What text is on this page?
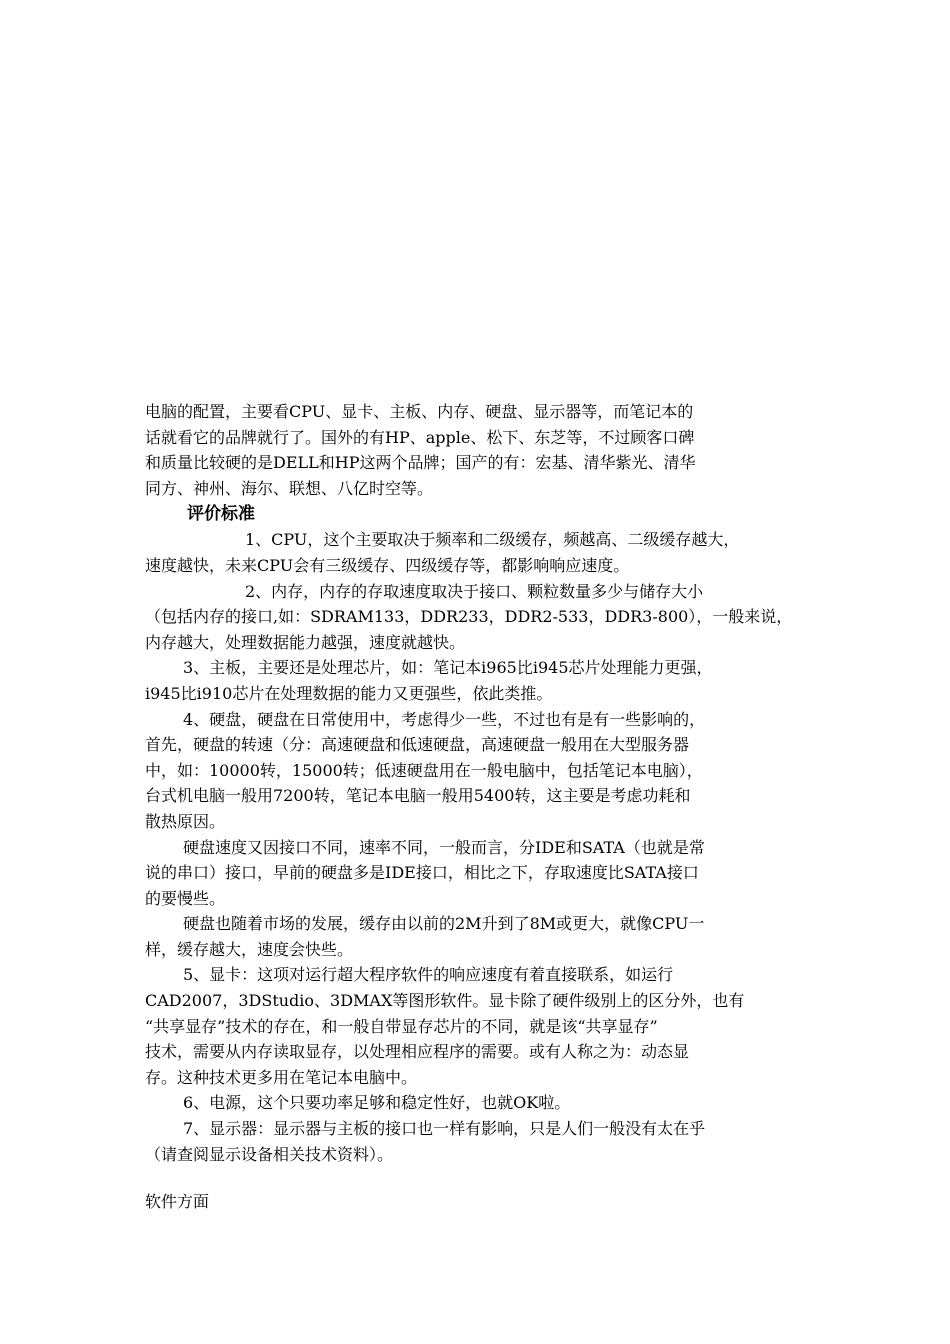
电脑的配置，主要看CPU、显卡、主板、内存、硬盘、显示器等，而笔记本的

话就看它的品牌就行了。国外的有HP、apple、松下、东芝等，不过顾客口碑

和质量比较硬的是DELL和HP这两个品牌；国产的有：宏基、清华紫光、清华

同方、神州、海尔、联想、八亿时空等。

评价标准

1、CPU，这个主要取决于频率和二级缓存，频越高、二级缓存越大，

速度越快，未来CPU会有三级缓存、四级缓存等，都影响响应速度。

2、内存，内存的存取速度取决于接口、颗粒数量多少与储存大小

（包括内存的接口,如：SDRAM133，DDR233，DDR2-533，DDR3-800），一般来说，

内存越大，处理数据能力越强，速度就越快。

3、主板，主要还是处理芯片，如：笔记本i965比i945芯片处理能力更强，

i945比i910芯片在处理数据的能力又更强些，依此类推。

4、硬盘，硬盘在日常使用中，考虑得少一些，不过也有是有一些影响的，

首先，硬盘的转速（分：高速硬盘和低速硬盘，高速硬盘一般用在大型服务器

中，如：10000转，15000转；低速硬盘用在一般电脑中，包括笔记本电脑），

台式机电脑一般用7200转，笔记本电脑一般用5400转，这主要是考虑功耗和

散热原因。

硬盘速度又因接口不同，速率不同，一般而言，分IDE和SATA（也就是常

说的串口）接口，早前的硬盘多是IDE接口，相比之下，存取速度比SATA接口

的要慢些。

硬盘也随着市场的发展，缓存由以前的2M升到了8M或更大，就像CPU一

样，缓存越大，速度会快些。

5、显卡：这项对运行超大程序软件的响应速度有着直接联系，如运行

CAD2007，3DStudio、3DMAX等图形软件。显卡除了硬件级别上的区分外，也有

“共享显存”技术的存在，和一般自带显存芯片的不同，就是该“共享显存”

技术，需要从内存读取显存，以处理相应程序的需要。或有人称之为：动态显

存。这种技术更多用在笔记本电脑中。

6、电源，这个只要功率足够和稳定性好，也就OK啦。

7、显示器：显示器与主板的接口也一样有影响，只是人们一般没有太在乎

（请查阅显示设备相关技术资料）。

软件方面
